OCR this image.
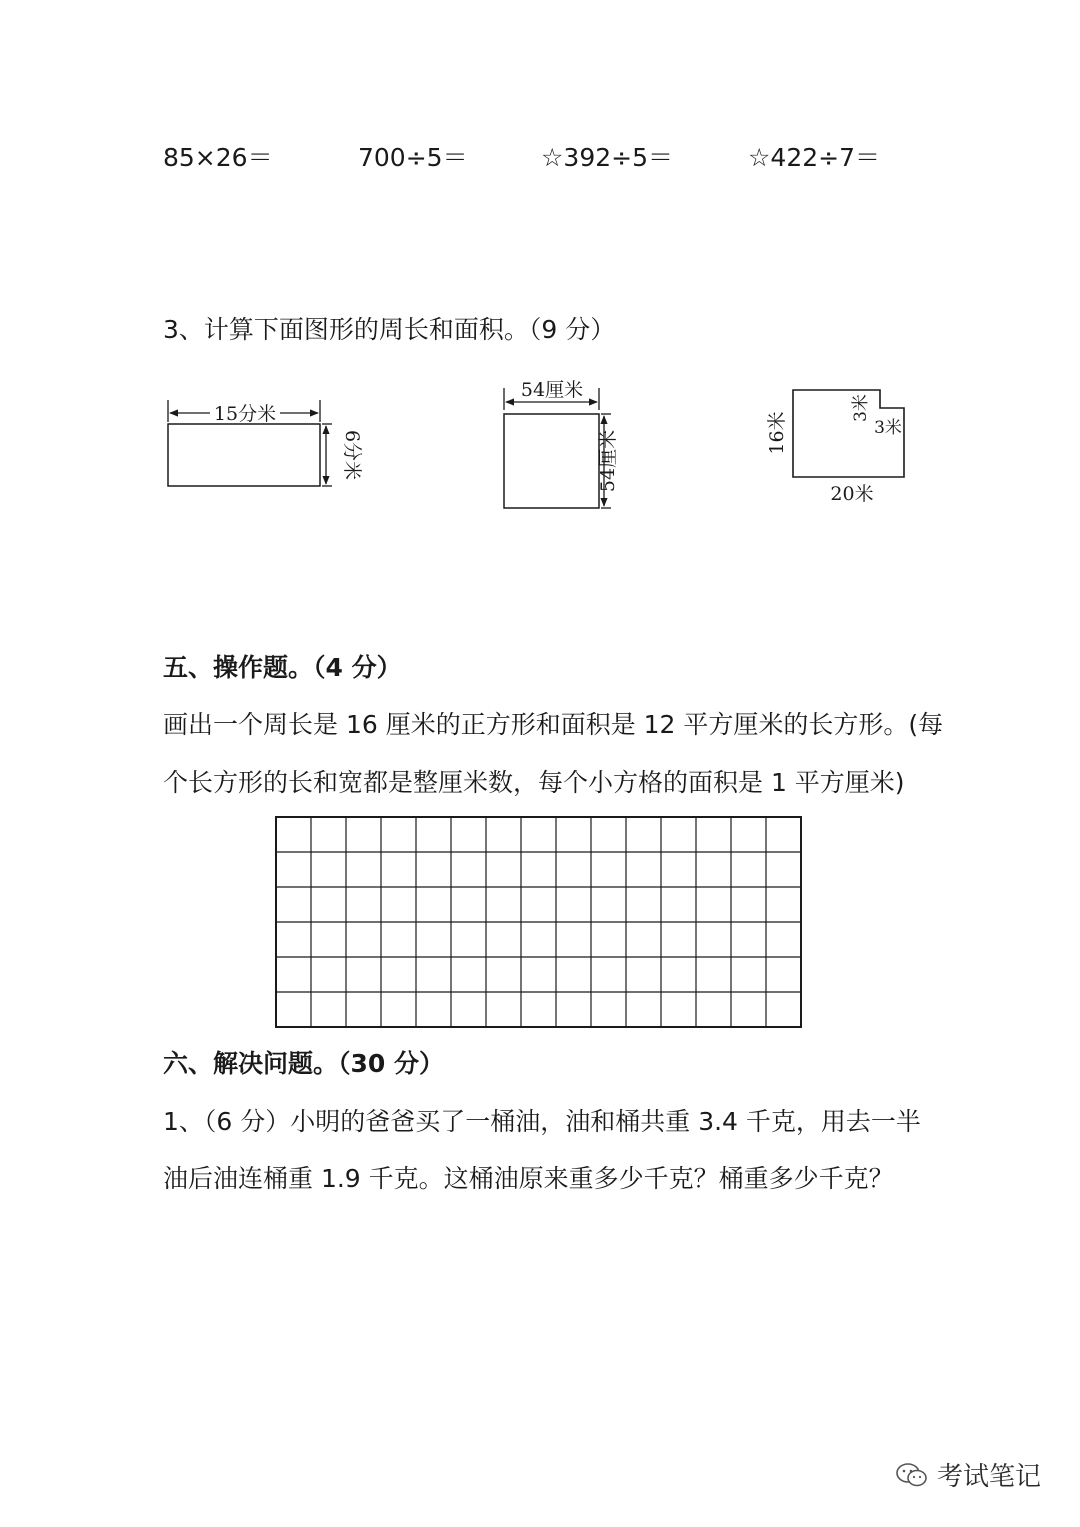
85×26＝	700÷5＝	☆392÷5＝	☆422÷7＝
3、计算下面图形的周长和面积。（9 分）
15分米
6分米
54厘米
54厘米	16米
3米
3米
20米
五、操作题。（4 分）
画出一个周长是 16 厘米的正方形和面积是 12 平方厘米的长方形。(每
个长方形的长和宽都是整厘米数，每个小方格的面积是 1 平方厘米)
六、解决问题。（30 分）
1、（6 分）小明的爸爸买了一桶油，油和桶共重 3.4 千克，用去一半
油后油连桶重 1.9 千克。这桶油原来重多少千克？桶重多少千克？
考试笔记
